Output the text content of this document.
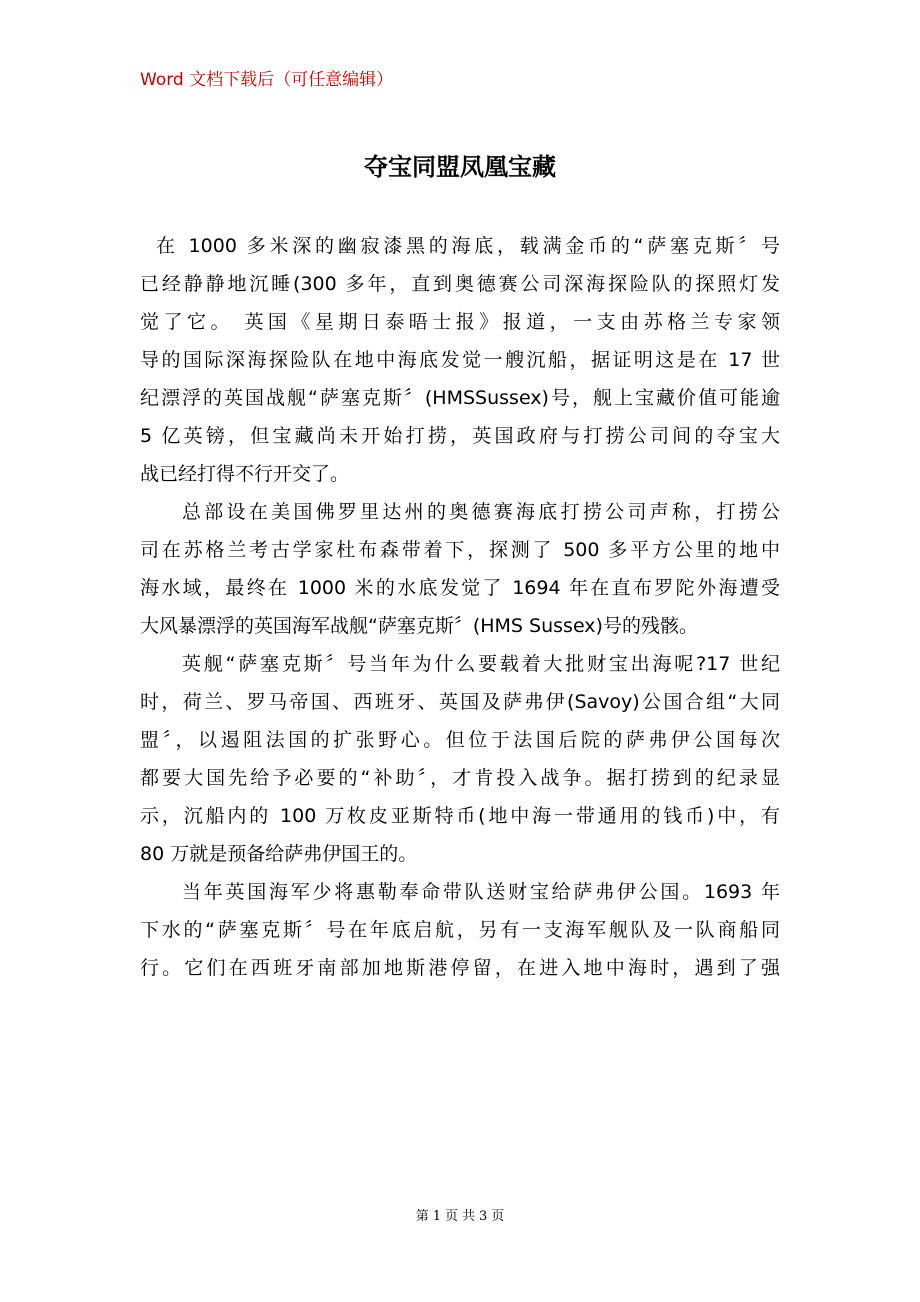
Word 文档下载后（可任意编辑）
夺宝同盟凤凰宝藏

在 1000 多米深的幽寂漆黑的海底，载满金币的“萨塞克斯〞号
已经静静地沉睡(300 多年，直到奥德赛公司深海探险队的探照灯发
觉了它。 英国《星期日泰晤士报》报道，一支由苏格兰专家领
导的国际深海探险队在地中海底发觉一艘沉船，据证明这是在 17 世
纪漂浮的英国战舰“萨塞克斯〞(HMSSussex)号，舰上宝藏价值可能逾
5 亿英镑，但宝藏尚未开始打捞，英国政府与打捞公司间的夺宝大
战已经打得不行开交了。

总部设在美国佛罗里达州的奥德赛海底打捞公司声称，打捞公
司在苏格兰考古学家杜布森带着下，探测了 500 多平方公里的地中
海水域，最终在 1000 米的水底发觉了 1694 年在直布罗陀外海遭受
大风暴漂浮的英国海军战舰“萨塞克斯〞(HMS Sussex)号的残骸。

英舰“萨塞克斯〞号当年为什么要载着大批财宝出海呢?17 世纪
时，荷兰、罗马帝国、西班牙、英国及萨弗伊(Savoy)公国合组“大同
盟〞，以遏阻法国的扩张野心。但位于法国后院的萨弗伊公国每次
都要大国先给予必要的“补助〞，才肯投入战争。据打捞到的纪录显
示，沉船内的 100 万枚皮亚斯特币(地中海一带通用的钱币)中，有
80 万就是预备给萨弗伊国王的。

当年英国海军少将惠勒奉命带队送财宝给萨弗伊公国。1693 年
下水的“萨塞克斯〞号在年底启航，另有一支海军舰队及一队商船同
行。它们在西班牙南部加地斯港停留，在进入地中海时，遇到了强

第 1 页 共 3 页
